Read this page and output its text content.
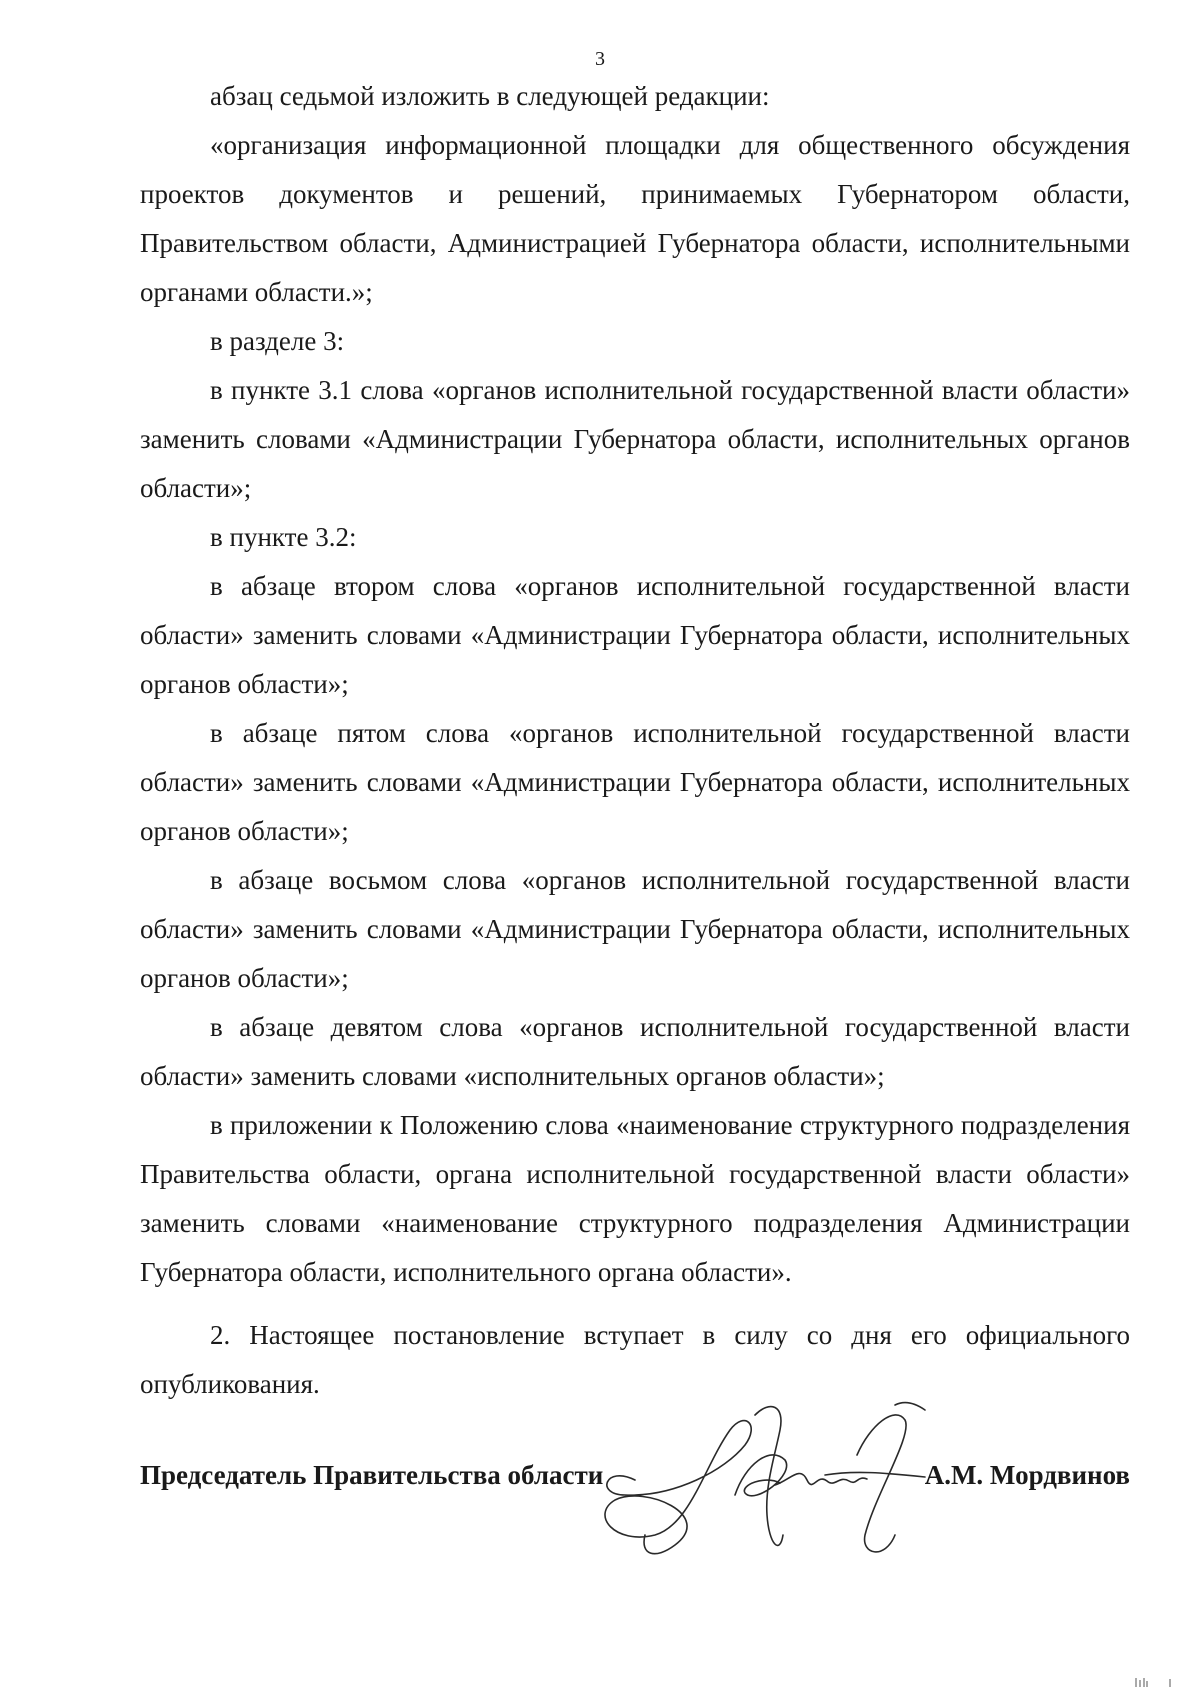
3

абзац седьмой изложить в следующей редакции:

«организация информационной площадки для общественного обсуждения проектов документов и решений, принимаемых Губернатором области, Правительством области, Администрацией Губернатора области, исполнительными органами области.»;

в разделе 3:

в пункте 3.1 слова «органов исполнительной государственной власти области» заменить словами «Администрации Губернатора области, исполнительных органов области»;

в пункте 3.2:

в абзаце втором слова «органов исполнительной государственной власти области» заменить словами «Администрации Губернатора области, исполнительных органов области»;

в абзаце пятом слова «органов исполнительной государственной власти области» заменить словами «Администрации Губернатора области, исполнительных органов области»;

в абзаце восьмом слова «органов исполнительной государственной власти области» заменить словами «Администрации Губернатора области, исполнительных органов области»;

в абзаце девятом слова «органов исполнительной государственной власти области» заменить словами «исполнительных органов области»;

в приложении к Положению слова «наименование структурного подразделения Правительства области, органа исполнительной государственной власти области» заменить словами «наименование структурного подразделения Администрации Губернатора области, исполнительного органа области».

2. Настоящее постановление вступает в силу со дня его официального опубликования.

Председатель Правительства области	А.М. Мордвинов
